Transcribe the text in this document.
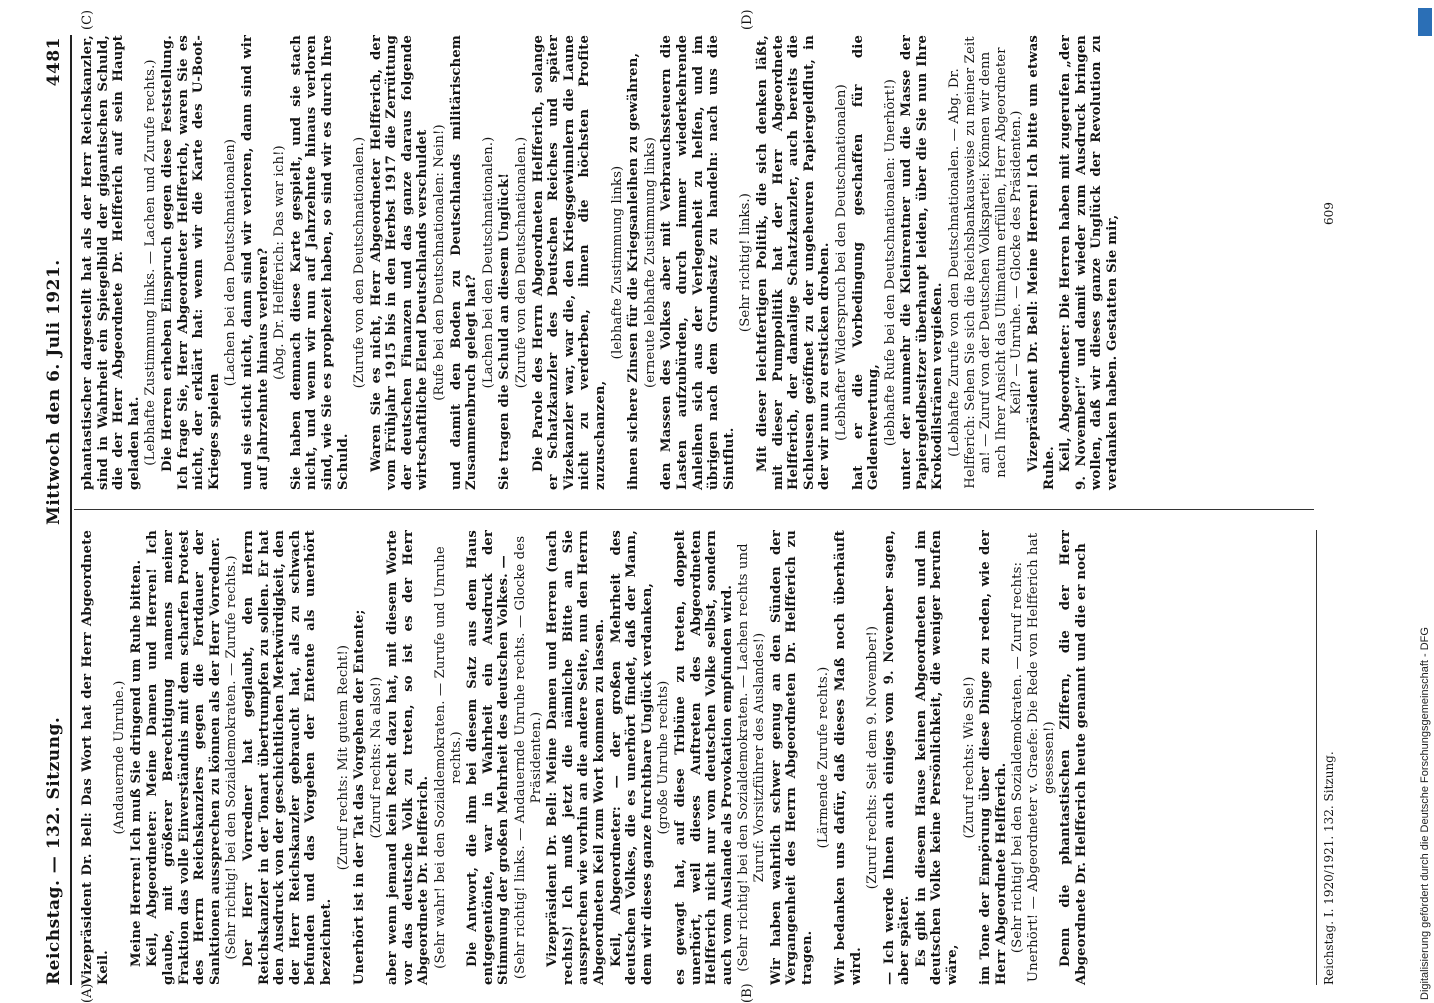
Reichstag. — 132. Sitzung.
Mittwoch den 6. Juli 1921.
4481

Vizepräsident Dr. Bell: Das Wort hat der Herr Abgeordnete Keil.

(Andauernde Unruhe.) Meine Herren! Ich muß Sie dringend um Ruhe bitten. Keil, Abgeordneter: Meine Damen und Herren! Ich glaube, mit größerer Berechtigung namens meiner Fraktion das volle Einverständnis mit dem scharfen Protest des Herrn Reichskanzlers gegen die Fortdauer der Sanktionen aussprechen zu können als der Herr Vorredner. (Sehr richtig! bei den Sozialdemokraten. — Zurufe rechts.) Der Herr Vorredner hat geglaubt, den Herrn Reichskanzler in der Tonart übertrumpfen zu sollen. Er hat den Ausdruck von der geschichtlichen Merkwürdigkeit, den der Herr Reichskanzler gebraucht hat, als zu schwach befunden und das Vorgehen der Entente als unerhört bezeichnet.

(Zuruf rechts: Mit gutem Recht!) Unerhört ist in der Tat das Vorgehen der Entente; (Zuruf rechts: Na also!) aber wenn jemand kein Recht dazu hat, mit diesem Worte vor das deutsche Volk zu treten, so ist es der Herr Abgeordnete Dr. Helfferich. (Sehr wahr! bei den Sozialdemokraten. — Zurufe und Unruhe rechts.) Die Antwort, die ihm bei diesem Satz aus dem Haus entgegentönte, war in Wahrheit ein Ausdruck der Stimmung der großen Mehrheit des deutschen Volkes. — (Sehr richtig! links. — Andauernde Unruhe rechts. — Glocke des Präsidenten.) Vizepräsident Dr. Bell: Meine Damen und Herren (nach rechts)! Ich muß jetzt die nämliche Bitte an Sie aussprechen wie vorhin an die andere Seite, nun den Herrn Abgeordneten Keil zum Wort kommen zu lassen. Keil, Abgeordneter: — der großen Mehrheit des deutschen Volkes, die es unerhört findet, daß der Mann, dem wir dieses ganze furchtbare Unglück verdanken, (große Unruhe rechts) es gewagt hat, auf diese Tribüne zu treten, doppelt unerhört, weil dieses Auftreten des Abgeordneten Helfferich nicht nur vom deutschen Volke selbst, sondern auch vom Auslande als Provokation empfunden wird. (Sehr richtig! bei den Sozialdemokraten. — Lachen rechts und Zuruf: Vorsitzführer des Auslandes!) Wir haben wahrlich schwer genug an den Sünden der Vergangenheit des Herrn Abgeordneten Dr. Helfferich zu tragen.

(Lärmende Zurufe rechts.) Wir bedanken uns dafür, daß dieses Maß noch überhäuft wird.

(Zuruf rechts: Seit dem 9. November!) — Ich werde Ihnen auch einiges vom 9. November sagen, aber später. Es gibt in diesem Hause keinen Abgeordneten und im deutschen Volke keine Persönlichkeit, die weniger berufen wäre,

(Zuruf rechts: Wie Sie!) im Tone der Empörung über diese Dinge zu reden, wie der Herr Abgeordnete Helfferich. (Sehr richtig! bei den Sozialdemokraten. — Zuruf rechts: Unerhört! — Abgeordneter v. Graefe: Die Rede von Helfferich hat gesessen!) Denn die phantastischen Ziffern, die der Herr Abgeordnete Dr. Helfferich heute genannt und die er noch

phantastischer dargestellt hat als der Herr Reichskanzler, sind in Wahrheit ein Spiegelbild der gigantischen Schuld, die der Herr Abgeordnete Dr. Helfferich auf sein Haupt geladen hat. (Lebhafte Zustimmung links. — Lachen und Zurufe rechts.) Die Herren erheben Einspruch gegen diese Feststellung. Ich frage Sie, Herr Abgeordneter Helfferich, waren Sie es nicht, der erklärt hat: wenn wir die Karte des U-Boot-Krieges spielen

(Lachen bei den Deutschnationalen) und sie sticht nicht, dann sind wir verloren, dann sind wir auf Jahrzehnte hinaus verloren? (Abg. Dr. Helfferich: Das war ich!) Sie haben demnach diese Karte gespielt, und sie stach nicht, und wenn wir nun auf Jahrzehnte hinaus verloren sind, wie Sie es prophezeit haben, so sind wir es durch Ihre Schuld.

(Zurufe von den Deutschnationalen.) Waren Sie es nicht, Herr Abgeordneter Helfferich, der vom Frühjahr 1915 bis in den Herbst 1917 die Zerrüttung der deutschen Finanzen und das ganze daraus folgende wirtschaftliche Elend Deutschlands verschuldet (Rufe bei den Deutschnationalen: Nein!) und damit den Boden zu Deutschlands militärischem Zusammenbruch gelegt hat? (Lachen bei den Deutschnationalen.) Sie tragen die Schuld an diesem Unglück! (Zurufe von den Deutschnationalen.) Die Parole des Herrn Abgeordneten Helfferich, solange er Schatzkanzler des Deutschen Reiches und später Vizekanzler war, war die, den Kriegsgewinnlern die Laune nicht zu verderben, ihnen die höchsten Profite zuzuschanzen,

(lebhafte Zustimmung links) ihnen sichere Zinsen für die Kriegsanleihen zu gewähren, (erneute lebhafte Zustimmung links) den Massen des Volkes aber mit Verbrauchssteuern die Lasten aufzubürden, durch immer wiederkehrende Anleihen sich aus der Verlegenheit zu helfen, und im übrigen nach dem Grundsatz zu handeln: nach uns die Sintflut.

(Sehr richtig! links.) Mit dieser leichtfertigen Politik, die sich denken läßt, mit dieser Pumppolitik hat der Herr Abgeordnete Helfferich, der damalige Schatzkanzler, auch bereits die Schleusen geöffnet zu der ungeheuren Papiergeldflut, in der wir nun zu ersticken drohen. (Lebhafter Widerspruch bei den Deutschnationalen) hat er die Vorbedingung geschaffen für die Geldentwertung, (lebhafte Rufe bei den Deutschnationalen: Unerhört!) unter der nunmehr die Kleinrentner und die Masse der Papiergeldbesitzer überhaupt leiden, über die Sie nun Ihre Krokodilstränen vergießen. (Lebhafte Zurufe von den Deutschnationalen. — Abg. Dr. Helfferich: Sehen Sie sich die Reichsbankausweise zu meiner Zeit an! — Zuruf von der Deutschen Volkspartei: Können wir denn nach Ihrer Ansicht das Ultimatum erfüllen, Herr Abgeordneter Keil? — Unruhe. — Glocke des Präsidenten.) Vizepräsident Dr. Bell: Meine Herren! Ich bitte um etwas Ruhe. Keil, Abgeordneter: Die Herren haben mit zugerufen „der 9. November!“ und damit wieder zum Ausdruck bringen wollen, daß wir dieses ganze Unglück der Revolution zu verdanken haben. Gestatten Sie mir,

(A)	(B)
(C)	(D)
Reichstag. I. 1920/1921. 132. Sitzung.
609
Digitalisierung gefördert durch die Deutsche Forschungsgemeinschaft - DFG
